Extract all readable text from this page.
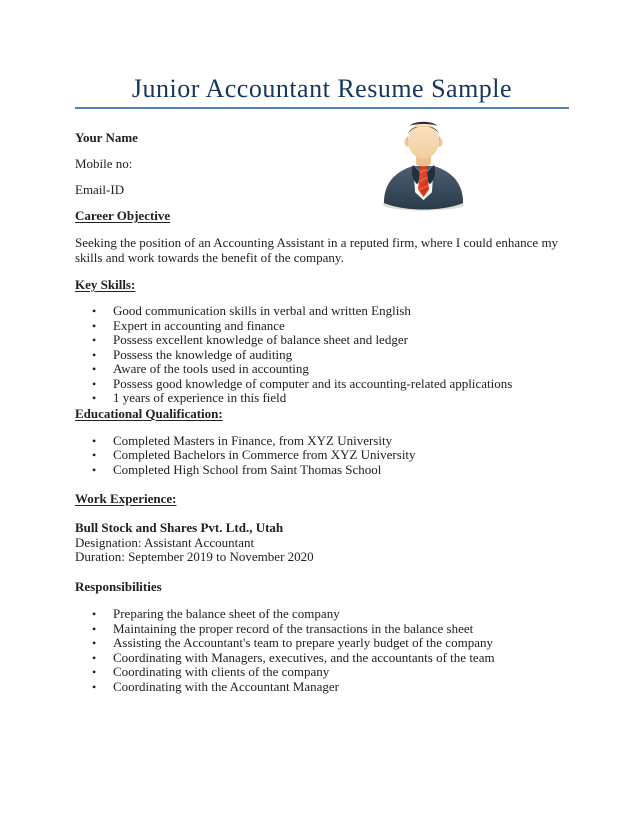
Junior Accountant Resume Sample

Your Name

Mobile no:

Email-ID

Career Objective

Seeking the position of an Accounting Assistant in a reputed firm, where I could enhance my skills and work towards the benefit of the company.

Key Skills:
• Good communication skills in verbal and written English
• Expert in accounting and finance
• Possess excellent knowledge of balance sheet and ledger
• Possess the knowledge of auditing
• Aware of the tools used in accounting
• Possess good knowledge of computer and its accounting-related applications
• 1 years of experience in this field
Educational Qualification:
• Completed Masters in Finance, from XYZ University
• Completed Bachelors in Commerce from XYZ University
• Completed High School from Saint Thomas School
Work Experience:

Bull Stock and Shares Pvt. Ltd., Utah

Designation: Assistant Accountant

Duration: September 2019 to November 2020

Responsibilities

• Preparing the balance sheet of the company
• Maintaining the proper record of the transactions in the balance sheet
• Assisting the Accountant's team to prepare yearly budget of the company
• Coordinating with Managers, executives, and the accountants of the team
• Coordinating with clients of the company
• Coordinating with the Accountant Manager
